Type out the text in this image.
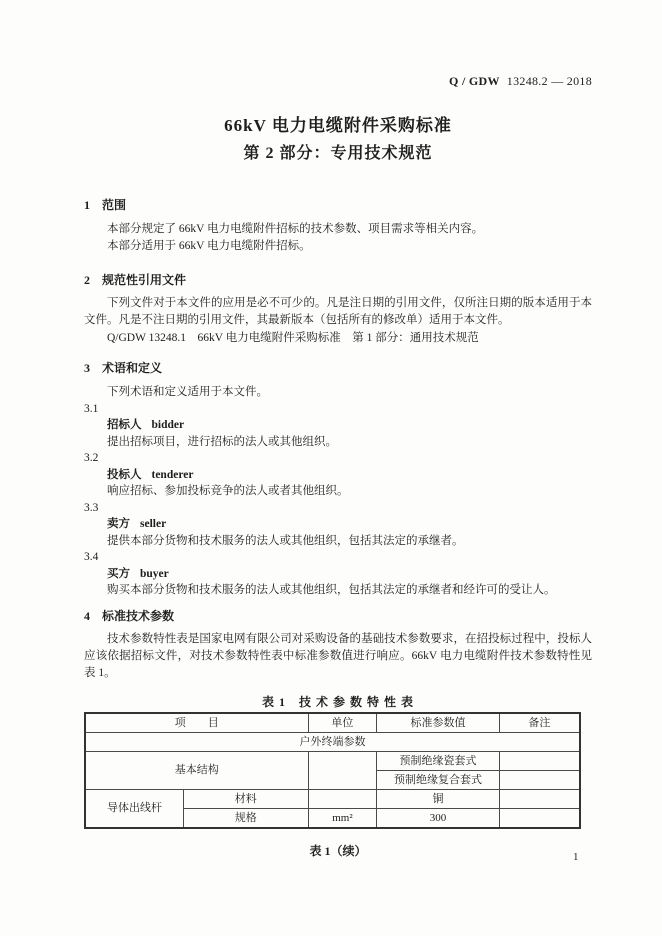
Q / GDW 13248.2 — 2018
66kV 电力电缆附件采购标准
第 2 部分：专用技术规范
1 范围

本部分规定了 66kV 电力电缆附件招标的技术参数、项目需求等相关内容。

本部分适用于 66kV 电力电缆附件招标。

2 规范性引用文件

下列文件对于本文件的应用是必不可少的。凡是注日期的引用文件，仅所注日期的版本适用于本文件。凡是不注日期的引用文件，其最新版本（包括所有的修改单）适用于本文件。

Q/GDW 13248.1　66kV 电力电缆附件采购标准　第 1 部分：通用技术规范
3 术语和定义

下列术语和定义适用于本文件。

3.1
招标人 bidder
提出招标项目，进行招标的法人或其他组织。
3.2
投标人 tenderer
响应招标、参加投标竞争的法人或者其他组织。
3.3
卖方 seller
提供本部分货物和技术服务的法人或其他组织，包括其法定的承继者。
3.4
买方 buyer
购买本部分货物和技术服务的法人或其他组织，包括其法定的承继者和经许可的受让人。
4 标准技术参数

技术参数特性表是国家电网有限公司对采购设备的基础技术参数要求，在招投标过程中，投标人应该依据招标文件，对技术参数特性表中标准参数值进行响应。66kV 电力电缆附件技术参数特性见表 1。

表 1　技 术 参 数 特 性 表
项　　目		单位	标准参数值	备注
户外终端参数				
基本结构			预制绝缘瓷套式	
			预制绝缘复合套式	
导体出线杆	材料		铜	
	规格	mm²	300	
表 1（续）	1
